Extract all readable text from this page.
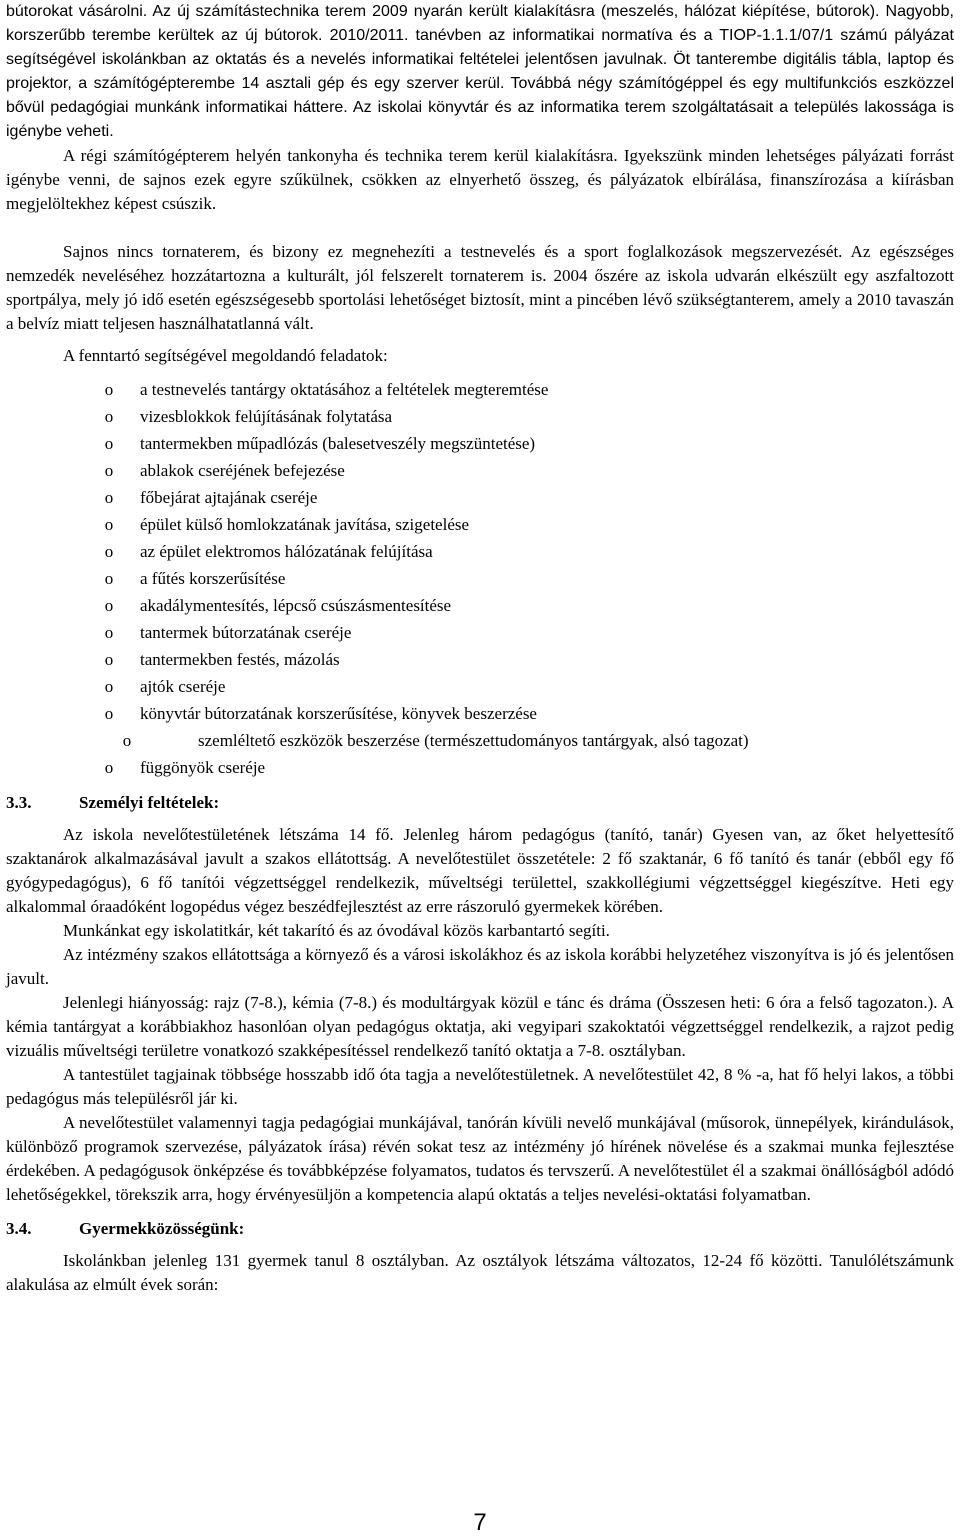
bútorokat vásárolni. Az új számítástechnika terem 2009 nyarán került kialakításra (meszelés, hálózat kiépítése, bútorok). Nagyobb, korszerűbb terembe kerültek az új bútorok. 2010/2011. tanévben az informatikai normatíva és a TIOP-1.1.1/07/1 számú pályázat segítségével iskolánkban az oktatás és a nevelés informatikai feltételei jelentősen javulnak. Öt tanterembe digitális tábla, laptop és projektor, a számítógépterembe 14 asztali gép és egy szerver kerül. Továbbá négy számítógéppel és egy multifunkciós eszközzel bővül pedagógiai munkánk informatikai háttere. Az iskolai könyvtár és az informatika terem szolgáltatásait a település lakossága is igénybe veheti.

A régi számítógépterem helyén tankonyha és technika terem kerül kialakításra. Igyekszünk minden lehetséges pályázati forrást igénybe venni, de sajnos ezek egyre szűkülnek, csökken az elnyerhető összeg, és pályázatok elbírálása, finanszírozása a kiírásban megjelöltekhez képest csúszik.

Sajnos nincs tornaterem, és bizony ez megnehezíti a testnevelés és a sport foglalkozások megszervezését. Az egészséges nemzedék neveléséhez hozzátartozna a kulturált, jól felszerelt tornaterem is. 2004 őszére az iskola udvarán elkészült egy aszfaltozott sportpálya, mely jó idő esetén egészségesebb sportolási lehetőséget biztosít, mint a pincében lévő szükségtanterem, amely a 2010 tavaszán a belvíz miatt teljesen használhatatlanná vált.

A fenntartó segítségével megoldandó feladatok:

o a testnevelés tantárgy oktatásához a feltételek megteremtése
o vizesblokkok felújításának folytatása
o tantermekben műpadlózás (balesetveszély megszüntetése)
o ablakok cseréjének befejezése
o főbejárat ajtajának cseréje
o épület külső homlokzatának javítása, szigetelése
o az épület elektromos hálózatának felújítása
o a fűtés korszerűsítése
o akadálymentesítés, lépcső csúszásmentesítése
o tantermek bútorzatának cseréje
o tantermekben festés, mázolás
o ajtók cseréje
o könyvtár bútorzatának korszerűsítése, könyvek beszerzése
o	szemléltető eszközök beszerzése (természettudományos tantárgyak, alsó tagozat)
o függönyök cseréje
3.3.	Személyi feltételek:

Az iskola nevelőtestületének létszáma 14 fő. Jelenleg három pedagógus (tanító, tanár) Gyesen van, az őket helyettesítő szaktanárok alkalmazásával javult a szakos ellátottság. A nevelőtestület összetétele: 2 fő szaktanár, 6 fő tanító és tanár (ebből egy fő gyógypedagógus), 6 fő tanítói végzettséggel rendelkezik, műveltségi területtel, szakkollégiumi végzettséggel kiegészítve. Heti egy alkalommal óraadóként logopédus végez beszédfejlesztést az erre rászoruló gyermekek körében.

Munkánkat egy iskolatitkár, két takarító és az óvodával közös karbantartó segíti.

Az intézmény szakos ellátottsága a környező és a városi iskolákhoz és az iskola korábbi helyzetéhez viszonyítva is jó és jelentősen javult.

Jelenlegi hiányosság: rajz (7-8.), kémia (7-8.) és modultárgyak közül e tánc és dráma (Összesen heti: 6 óra a felső tagozaton.). A kémia tantárgyat a korábbiakhoz hasonlóan olyan pedagógus oktatja, aki vegyipari szakoktatói végzettséggel rendelkezik, a rajzot pedig vizuális műveltségi területre vonatkozó szakképesítéssel rendelkező tanító oktatja a 7-8. osztályban.

A tantestület tagjainak többsége hosszabb idő óta tagja a nevelőtestületnek. A nevelőtestület 42, 8 % -a, hat fő helyi lakos, a többi pedagógus más településről jár ki.

A nevelőtestület valamennyi tagja pedagógiai munkájával, tanórán kívüli nevelő munkájával (műsorok, ünnepélyek, kirándulások, különböző programok szervezése, pályázatok írása) révén sokat tesz az intézmény jó hírének növelése és a szakmai munka fejlesztése érdekében. A pedagógusok önképzése és továbbképzése folyamatos, tudatos és tervszerű. A nevelőtestület él a szakmai önállóságból adódó lehetőségekkel, törekszik arra, hogy érvényesüljön a kompetencia alapú oktatás a teljes nevelési-oktatási folyamatban.

3.4.	Gyermekközösségünk:

Iskolánkban jelenleg 131 gyermek tanul 8 osztályban. Az osztályok létszáma változatos, 12-24 fő közötti. Tanulólétszámunk alakulása az elmúlt évek során:

7
